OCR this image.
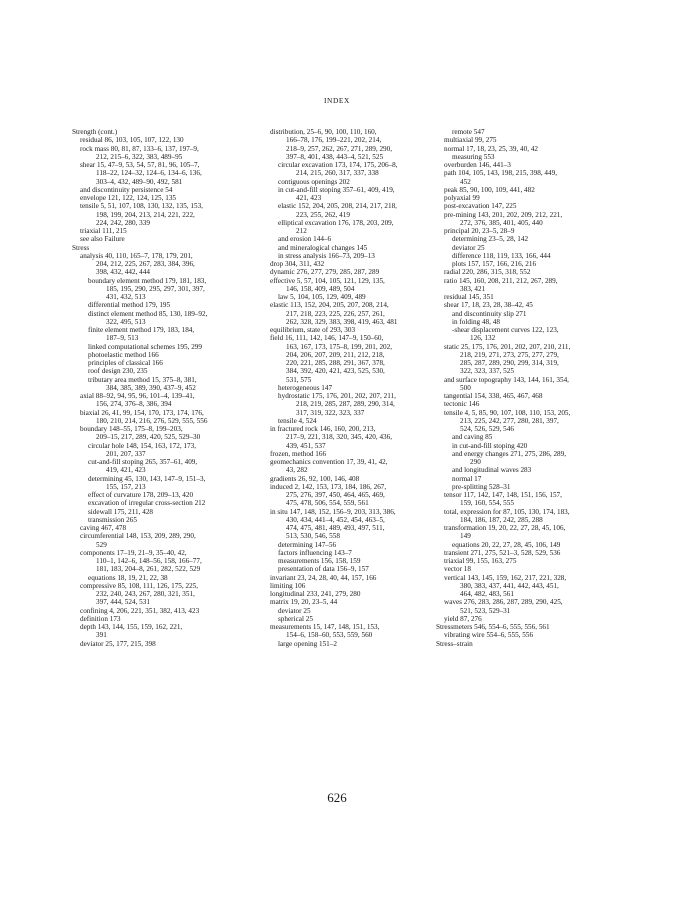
INDEX
Strength (cont.)
residual 86, 103, 105, 107, 122, 130
rock mass 80, 81, 87, 133–6, 137, 197–9,
212, 215–6, 322, 383, 489–95
shear 15, 47–9, 53, 54, 57, 81, 96, 105–7,
118–22, 124–32, 124–6, 134–6, 136,
303–4, 432, 489–90, 492, 581
and discontinuity persistence 54
envelope 121, 122, 124, 125, 135
tensile 5, 51, 107, 108, 130, 132, 135, 153,
198, 199, 204, 213, 214, 221, 222,
224, 242, 280, 339
triaxial 111, 215
see also Failure
Stress
analysis 40, 110, 165–7, 178, 179, 201,
204, 212, 225, 267, 283, 384, 396,
398, 432, 442, 444
boundary element method 179, 181, 183,
185, 195, 290, 295, 297, 301, 397,
431, 432, 513
differential method 179, 195
distinct element method 85, 130, 189–92,
322, 495, 513
finite element method 179, 183, 184,
187–9, 513
linked computational schemes 195, 299
photoelastic method 166
principles of classical 166
roof design 230, 235
tributary area method 15, 375–8, 381,
384, 385, 389, 390, 437–9, 452
axial 88–92, 94, 95, 96, 101–4, 139–41,
156, 274, 376–8, 386, 394
biaxial 26, 41, 99, 154, 170, 173, 174, 176,
180, 210, 214, 216, 276, 529, 555, 556
boundary 148–55, 175–8, 199–203,
209–15, 217, 289, 420, 525, 529–30
circular hole 148, 154, 163, 172, 173,
201, 207, 337
cut-and-fill stoping 265, 357–61, 409,
419, 421, 423
determining 45, 130, 143, 147–9, 151–3,
155, 157, 213
effect of curvature 178, 209–13, 420
excavation of irregular cross-section 212
sidewall 175, 211, 428
transmission 265
caving 467, 478
circumferential 148, 153, 209, 289, 290,
529
components 17–19, 21–9, 35–40, 42,
110–1, 142–6, 148–56, 158, 166–77,
181, 183, 204–8, 261, 282, 522, 529
equations 18, 19, 21, 22, 38
compressive 85, 108, 111, 126, 175, 225,
232, 240, 243, 267, 280, 321, 351,
397, 444, 524, 531
confining 4, 206, 221, 351, 382, 413, 423
definition 173
depth 143, 144, 155, 159, 162, 221,
391
deviator 25, 177, 215, 398
distribution, 25–6, 90, 100, 110, 160,
166–78, 176, 199–221, 202, 214,
218–9, 257, 262, 267, 271, 289, 290,
397–8, 401, 438, 443–4, 521, 525
circular excavation 173, 174, 175, 206–8,
214, 215, 260, 317, 337, 338
contiguous openings 202
in cut-and-fill stoping 357–61, 409, 419,
421, 423
elastic 152, 204, 205, 208, 214, 217, 218,
223, 255, 262, 419
elliptical excavation 176, 178, 203, 209,
212
and erosion 144–6
and mineralogical changes 145
in stress analysis 166–73, 209–13
drop 304, 311, 432
dynamic 276, 277, 279, 285, 287, 289
effective 5, 57, 104, 105, 121, 129, 135,
146, 158, 409, 489, 504
law 5, 104, 105, 129, 409, 489
elastic 113, 152, 204, 205, 207, 208, 214,
217, 218, 223, 225, 226, 257, 261,
262, 328, 329, 383, 398, 419, 463, 481
equilibrium, state of 293, 303
field 16, 111, 142, 146, 147–9, 150–60,
163, 167, 173, 175–8, 199, 201, 202,
204, 206, 207, 209, 211, 212, 218,
220, 221, 285, 288, 291, 367, 378,
384, 392, 420, 421, 423, 525, 530,
531, 575
heterogeneous 147
hydrostatic 175, 176, 201, 202, 207, 211,
218, 219, 285, 287, 289, 290, 314,
317, 319, 322, 323, 337
tensile 4, 524
in fractured rock 146, 160, 200, 213,
217–9, 221, 318, 320, 345, 420, 436,
439, 451, 537
frozen, method 166
geomechanics convention 17, 39, 41, 42,
43, 282
gradients 26, 92, 100, 146, 408
induced 2, 142, 153, 173, 184, 186, 267,
275, 276, 397, 450, 464, 465, 469,
475, 478, 506, 554, 559, 561
in situ 147, 148, 152, 156–9, 203, 313, 386,
430, 434, 441–4, 452, 454, 463–5,
474, 475, 481, 489, 493, 497, 511,
513, 530, 546, 558
determining 147–56
factors influencing 143–7
measurements 156, 158, 159
presentation of data 156–9, 157
invariant 23, 24, 28, 40, 44, 157, 166
limiting 106
longitudinal 233, 241, 279, 280
matrix 19, 20, 23–5, 44
deviator 25
spherical 25
measurements 15, 147, 148, 151, 153,
154–6, 158–60, 553, 559, 560
large opening 151–2
remote 547
multiaxial 99, 275
normal 17, 18, 23, 25, 39, 40, 42
measuring 553
overburden 146, 441–3
path 104, 105, 143, 198, 215, 398, 449,
452
peak 85, 90, 100, 109, 441, 482
polyaxial 99
post-excavation 147, 225
pre-mining 143, 201, 202, 209, 212, 221,
272, 376, 385, 401, 405, 440
principal 20, 23–5, 28–9
determining 23–5, 28, 142
deviator 25
difference 118, 119, 133, 166, 444
plots 157, 157, 166, 216, 216
radial 220, 286, 315, 318, 552
ratio 145, 160, 208, 211, 212, 267, 289,
383, 421
residual 145, 351
shear 17, 18, 23, 28, 38–42, 45
and discontinuity slip 271
in folding 48, 48
-shear displacement curves 122, 123,
126, 132
static 25, 175, 176, 201, 202, 207, 210, 211,
218, 219, 271, 273, 275, 277, 279,
285, 287, 289, 290, 299, 314, 319,
322, 323, 337, 525
and surface topography 143, 144, 161, 354,
500
tangential 154, 338, 465, 467, 468
tectonic 146
tensile 4, 5, 85, 90, 107, 108, 110, 153, 205,
213, 225, 242, 277, 280, 281, 397,
524, 526, 529, 546
and caving 85
in cut-and-fill stoping 420
and energy changes 271, 275, 286, 289,
290
and longitudinal waves 283
normal 17
pre-splitting 528–31
tensor 117, 142, 147, 148, 151, 156, 157,
159, 160, 554, 555
total, expression for 87, 105, 130, 174, 183,
184, 186, 187, 242, 285, 288
transformation 19, 20, 22, 27, 28, 45, 106,
149
equations 20, 22, 27, 28, 45, 106, 149
transient 271, 275, 521–3, 528, 529, 536
triaxial 99, 155, 163, 275
vector 18
vertical 143, 145, 159, 162, 217, 221, 328,
380, 383, 437, 441, 442, 443, 451,
464, 482, 483, 561
waves 276, 283, 286, 287, 289, 290, 425,
521, 523, 529–31
yield 87, 276
Stressmeters 546, 554–6, 555, 556, 561
vibrating wire 554–6, 555, 556
Stress–strain
626
